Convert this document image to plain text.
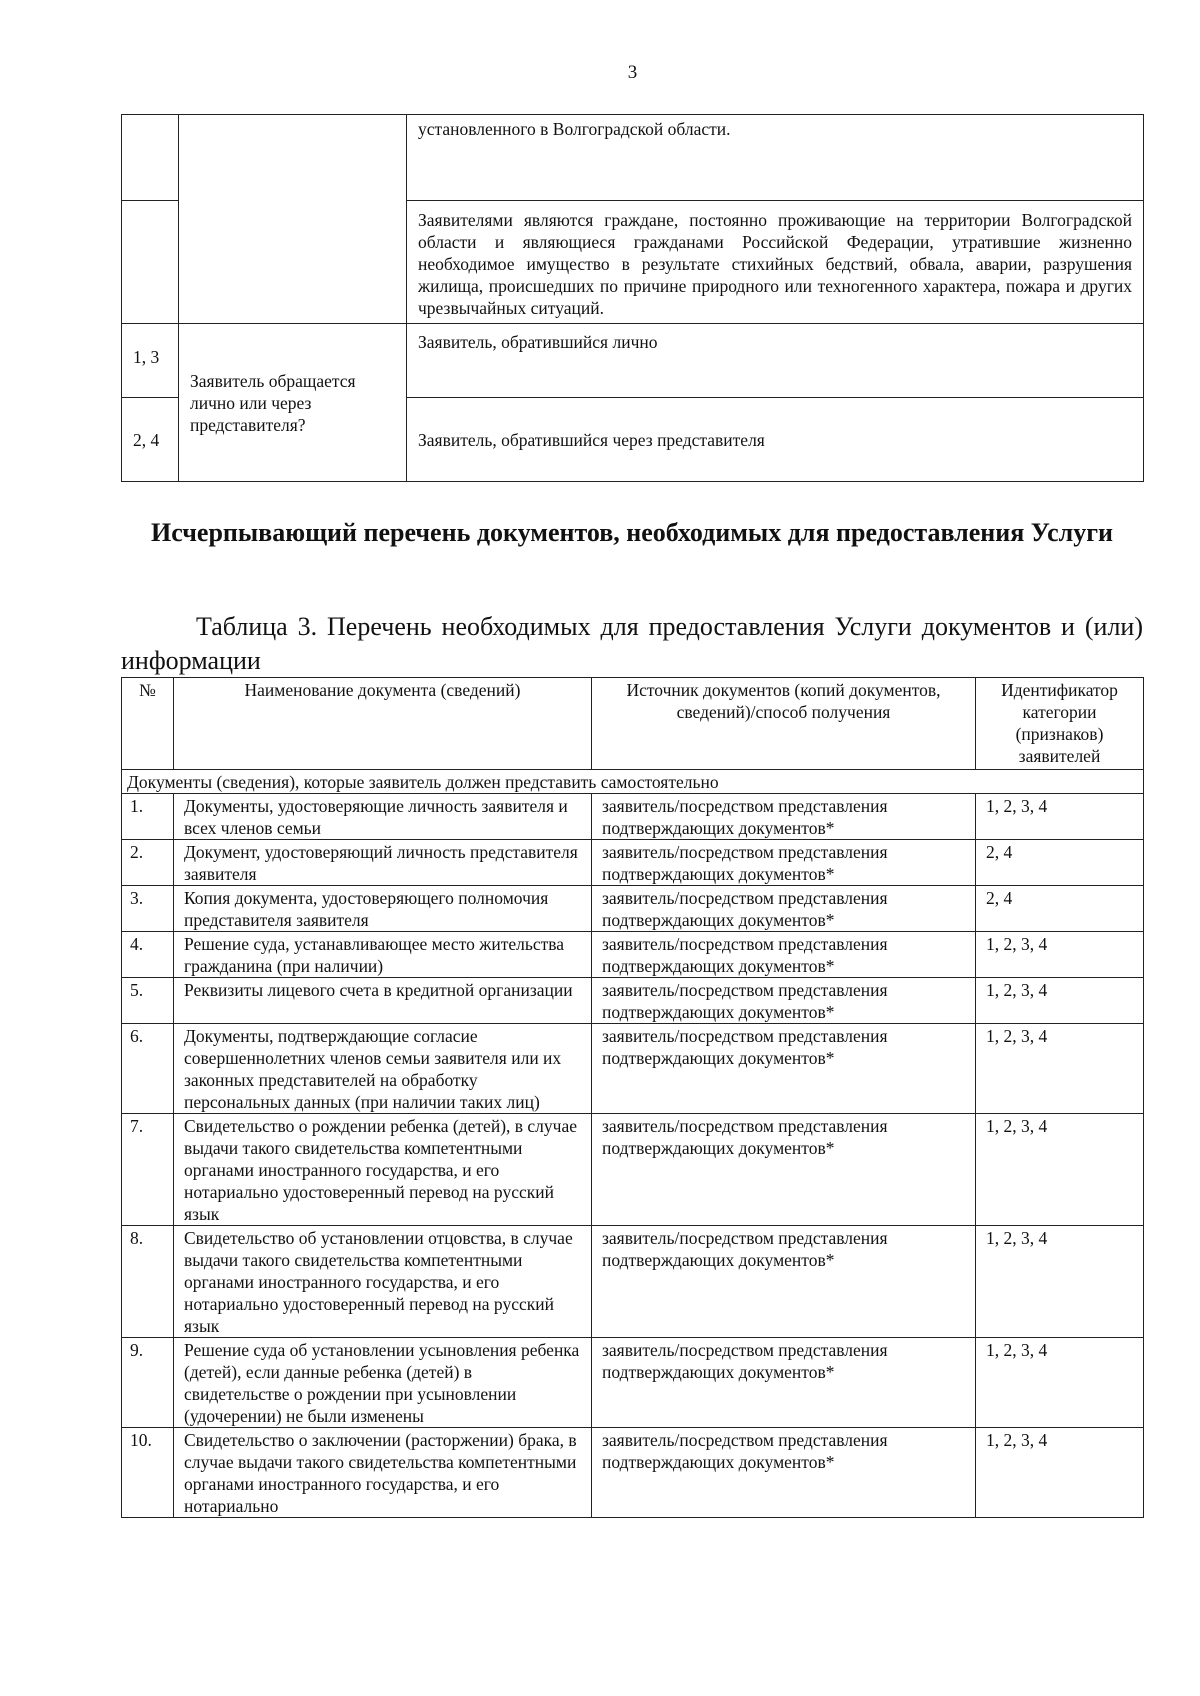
3
		установленного в Волгоградской области.
		Заявителями являются граждане, постоянно проживающие на территории Волгоградской области и являющиеся гражданами Российской Федерации, утратившие жизненно необходимое имущество в результате стихийных бедствий, обвала, аварии, разрушения жилища, происшедших по причине природного или техногенного характера, пожара и других чрезвычайных ситуаций.
1, 3	Заявитель обращается лично или через представителя?	Заявитель, обратившийся лично
2, 4		Заявитель, обратившийся через представителя
Исчерпывающий перечень документов, необходимых для предоставления Услуги
Таблица 3. Перечень необходимых для предоставления Услуги документов и (или) информации
№	Наименование документа (сведений)	Источник документов (копий документов, сведений)/способ получения	Идентификатор категории (признаков) заявителей
Документы (сведения), которые заявитель должен представить самостоятельно			
1.	Документы, удостоверяющие личность заявителя и всех членов семьи	заявитель/посредством представления подтверждающих документов*	1, 2, 3, 4
2.	Документ, удостоверяющий личность представителя заявителя	заявитель/посредством представления подтверждающих документов*	2, 4
3.	Копия документа, удостоверяющего полномочия представителя заявителя	заявитель/посредством представления подтверждающих документов*	2, 4
4.	Решение суда, устанавливающее место жительства гражданина (при наличии)	заявитель/посредством представления подтверждающих документов*	1, 2, 3, 4
5.	Реквизиты лицевого счета в кредитной организации	заявитель/посредством представления подтверждающих документов*	1, 2, 3, 4
6.	Документы, подтверждающие согласие совершеннолетних членов семьи заявителя или их законных представителей на обработку персональных данных (при наличии таких лиц)	заявитель/посредством представления подтверждающих документов*	1, 2, 3, 4
7.	Свидетельство о рождении ребенка (детей), в случае выдачи такого свидетельства компетентными органами иностранного государства, и его нотариально удостоверенный перевод на русский язык	заявитель/посредством представления подтверждающих документов*	1, 2, 3, 4
8.	Свидетельство об установлении отцовства, в случае выдачи такого свидетельства компетентными органами иностранного государства, и его нотариально удостоверенный перевод на русский язык	заявитель/посредством представления подтверждающих документов*	1, 2, 3, 4
9.	Решение суда об установлении усыновления ребенка (детей), если данные ребенка (детей) в свидетельстве о рождении при усыновлении (удочерении) не были изменены	заявитель/посредством представления подтверждающих документов*	1, 2, 3, 4
10.	Свидетельство о заключении (расторжении) брака, в случае выдачи такого свидетельства компетентными органами иностранного государства, и его нотариально	заявитель/посредством представления подтверждающих документов*	1, 2, 3, 4
